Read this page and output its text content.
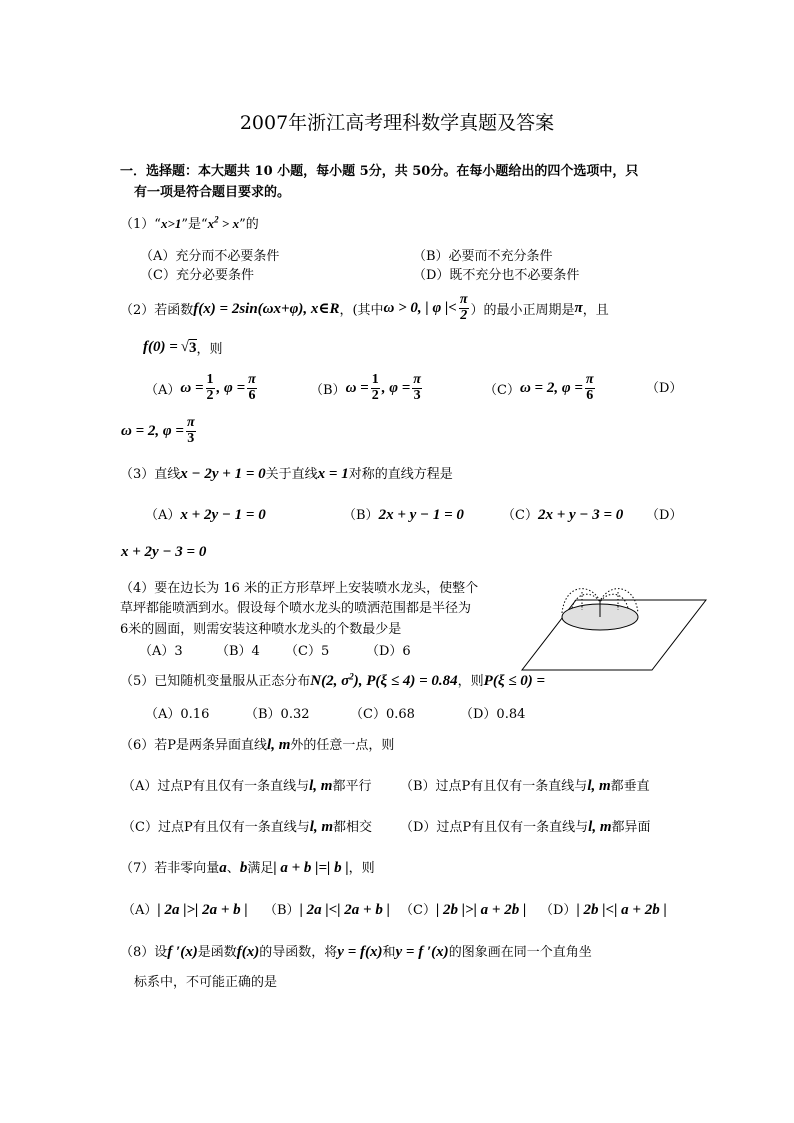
2007年浙江高考理科数学真题及答案
一．选择题：本大题共 10 小题，每小题 5分，共 50分。在每小题给出的四个选项中，只
有一项是符合题目要求的。
（1）“x>1”是“$x^2 > x$”的
（A）充分而不必要条件	（B）必要而不充分条件
（C）充分必要条件	（D）既不充分也不必要条件
（2） 若函数 f(x) = 2sin(ωx+φ), x∈R ，(其中 ω > 0, | φ |< $\frac{\pi}{2}$ ）的最小正周期是 π ，且
f(0) = √ 3 ，则
（A） $\omega = \frac{1}{2}$ , $\varphi = \frac{\pi}{6}$	（B） $\omega = \frac{1}{2}$ , $\varphi = \frac{\pi}{3}$	（C） ω = 2, $\varphi = \frac{\pi}{6}$	（D）
ω = 2, $\varphi = \frac{\pi}{3}$
（3）直线x − 2y + 1 = 0关于直线x = 1对称的直线方程是
（A）x + 2y − 1 = 0	（B）2x + y − 1 = 0	（C）2x + y − 3 = 0 （D）
x + 2y − 3 = 0
（4）要在边长为 16 米的正方形草坪上安装喷水龙头，使整个
草坪都能喷洒到水。假设每个喷水龙头的喷洒范围都是半径为
6米的圆面，则需安装这种喷水龙头的个数最少是
（A）3	（B）4 （C）5	（D）6
（5）已知随机变量服从正态分布N(2, $\sigma^2$), P(ξ ≤ 4) = 0.84，则P(ξ ≤ 0) =
（A）0.16	（B）0.32	（C）0.68	（D）0.84
（6）若P是两条异面直线l, m外的任意一点，则
（A）过点P有且仅有一条直线与l, m都平行 （B）过点P有且仅有一条直线与l, m都垂直
（C）过点P有且仅有一条直线与l, m都相交 （D）过点P有且仅有一条直线与l, m都异面
（7）若非零向量a、b满足| a + b |=| b |，则
（A）| 2a |>| 2a + b | （B）| 2a |<| 2a + b | （C）| 2b |>| a + 2b | （D）| 2b |<| a + 2b |
（8）设f ′(x)是函数f(x)的导函数，将y = f(x)和y = f ′(x)的图象画在同一个直角坐
标系中，不可能正确的是
